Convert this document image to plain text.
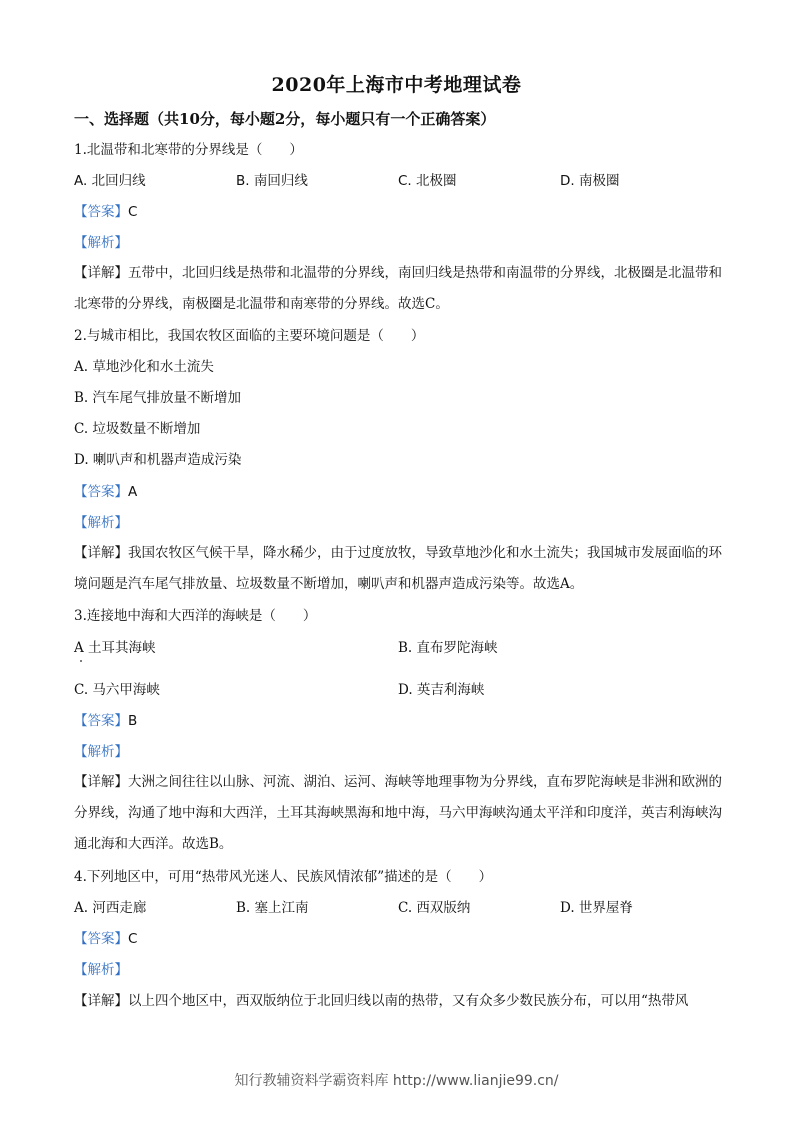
2020年上海市中考地理试卷
一、选择题（共10分，每小题2分，每小题只有一个正确答案）
1.北温带和北寒带的分界线是（　　）
A. 北回归线	B. 南回归线	C. 北极圈	D. 南极圈
【答案】C
【解析】
【详解】五带中，北回归线是热带和北温带的分界线，南回归线是热带和南温带的分界线，北极圈是北温带和北寒带的分界线，南极圈是北温带和南寒带的分界线。故选C。
2.与城市相比，我国农牧区面临的主要环境问题是（　　）
A. 草地沙化和水土流失
B. 汽车尾气排放量不断增加
C. 垃圾数量不断增加
D. 喇叭声和机器声造成污染
【答案】A
【解析】
【详解】我国农牧区气候干旱，降水稀少，由于过度放牧，导致草地沙化和水土流失；我国城市发展面临的环境问题是汽车尾气排放量、垃圾数量不断增加，喇叭声和机器声造成污染等。故选A。
3.连接地中海和大西洋的海峡是（　　）
A 土耳其海峡	B. 直布罗陀海峡
C. 马六甲海峡	D. 英吉利海峡
【答案】B
【解析】
【详解】大洲之间往往以山脉、河流、湖泊、运河、海峡等地理事物为分界线，直布罗陀海峡是非洲和欧洲的分界线，沟通了地中海和大西洋，土耳其海峡黑海和地中海，马六甲海峡沟通太平洋和印度洋，英吉利海峡沟通北海和大西洋。故选B。
4.下列地区中，可用“热带风光迷人、民族风情浓郁”描述的是（　　）
A. 河西走廊	B. 塞上江南	C. 西双版纳	D. 世界屋脊
【答案】C
【解析】
【详解】以上四个地区中，西双版纳位于北回归线以南的热带，又有众多少数民族分布，可以用“热带风
知行教辅资料学霸资料库 http://www.lianjie99.cn/
